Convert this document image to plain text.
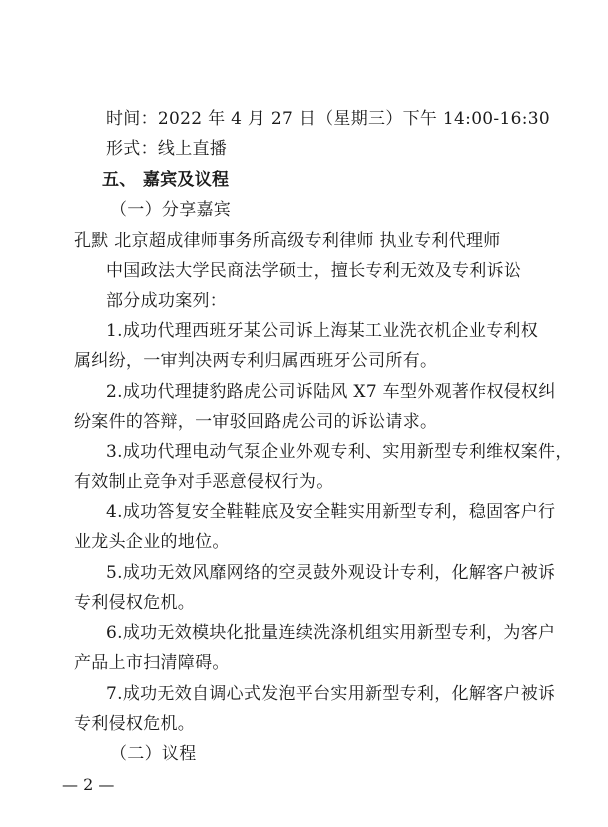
时间：2022 年 4 月 27 日（星期三）下午 14:00-16:30
形式：线上直播
五、 嘉宾及议程
（一）分享嘉宾
孔默 北京超成律师事务所高级专利律师 执业专利代理师
中国政法大学民商法学硕士，擅长专利无效及专利诉讼
部分成功案列：
1.成功代理西班牙某公司诉上海某工业洗衣机企业专利权
属纠纷，一审判决两专利归属西班牙公司所有。
2.成功代理捷豹路虎公司诉陆风 X7 车型外观著作权侵权纠
纷案件的答辩，一审驳回路虎公司的诉讼请求。
3.成功代理电动气泵企业外观专利、实用新型专利维权案件，
有效制止竞争对手恶意侵权行为。
4.成功答复安全鞋鞋底及安全鞋实用新型专利，稳固客户行
业龙头企业的地位。
5.成功无效风靡网络的空灵鼓外观设计专利，化解客户被诉
专利侵权危机。
6.成功无效模块化批量连续洗涤机组实用新型专利，为客户
产品上市扫清障碍。
7.成功无效自调心式发泡平台实用新型专利，化解客户被诉
专利侵权危机。
（二）议程
— 2 —
